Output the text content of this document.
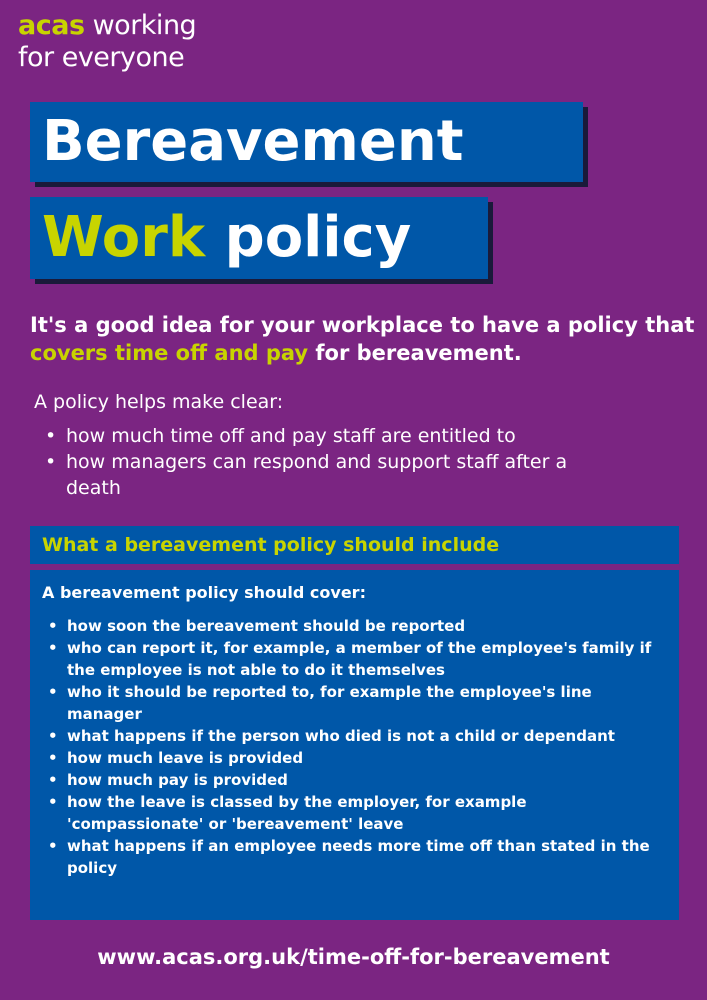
acas working
for everyone
Bereavement
Work policy
It's a good idea for your workplace to have a policy that covers time off and pay for bereavement.
A policy helps make clear:
• how much time off and pay staff are entitled to
• how managers can respond and support staff after a death
What a bereavement policy should include
A bereavement policy should cover:
• how soon the bereavement should be reported
• who can report it, for example, a member of the employee's family if the employee is not able to do it themselves
• who it should be reported to, for example the employee's line manager
• what happens if the person who died is not a child or dependant
• how much leave is provided
• how much pay is provided
• how the leave is classed by the employer, for example 'compassionate' or 'bereavement' leave
• what happens if an employee needs more time off than stated in the policy
www.acas.org.uk/time-off-for-bereavement
